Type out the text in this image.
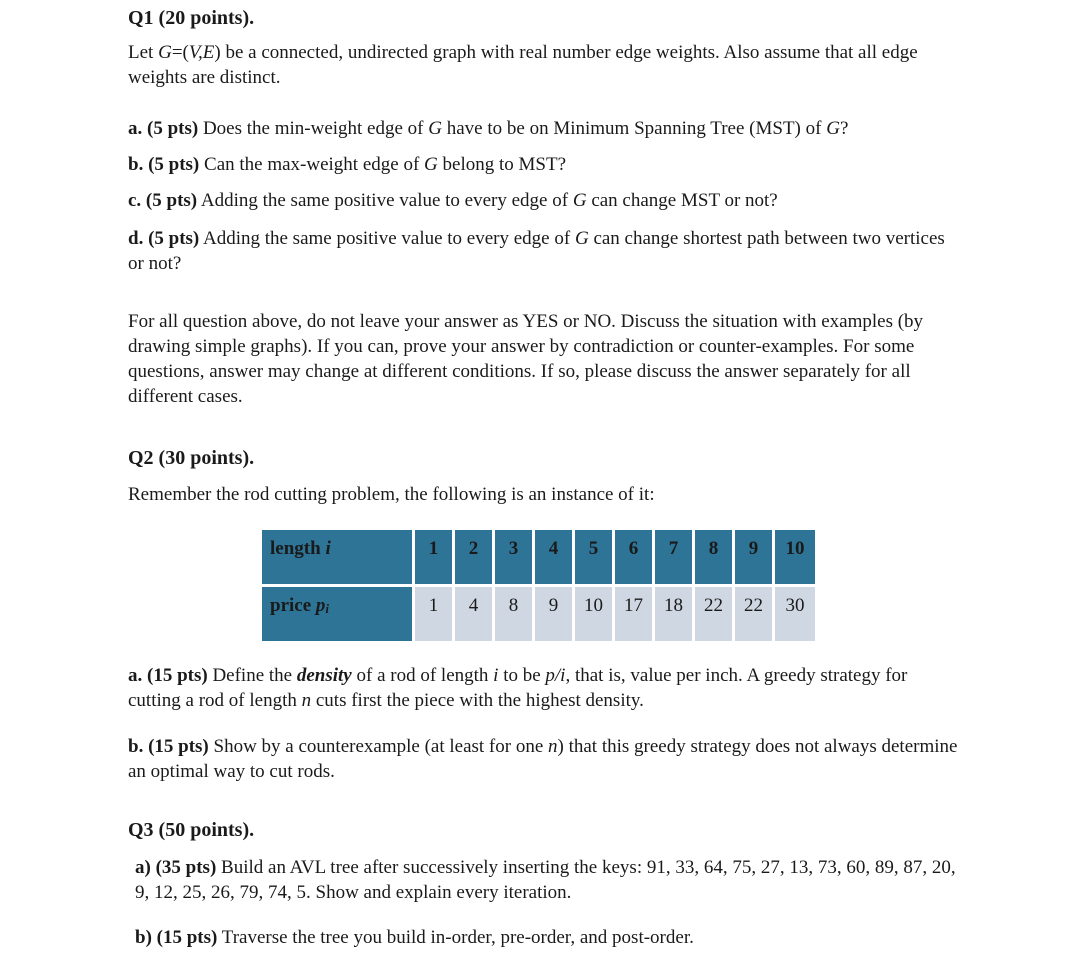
Q1 (20 points).

Let G=(V,E) be a connected, undirected graph with real number edge weights. Also assume that all edge weights are distinct.

a. (5 pts) Does the min-weight edge of G have to be on Minimum Spanning Tree (MST) of G?

b. (5 pts) Can the max-weight edge of G belong to MST?

c. (5 pts) Adding the same positive value to every edge of G can change MST or not?

d. (5 pts) Adding the same positive value to every edge of G can change shortest path between two vertices or not?

For all question above, do not leave your answer as YES or NO. Discuss the situation with examples (by drawing simple graphs). If you can, prove your answer by contradiction or counter-examples. For some questions, answer may change at different conditions. If so, please discuss the answer separately for all different cases.

Q2 (30 points).

Remember the rod cutting problem, the following is an instance of it:

length i	1	2	3	4	5	6	7	8	9	10
price pi	1	4	8	9	10	17	18	22	22	30

a. (15 pts) Define the density of a rod of length i to be p/i, that is, value per inch. A greedy strategy for cutting a rod of length n cuts first the piece with the highest density.

b. (15 pts) Show by a counterexample (at least for one n) that this greedy strategy does not always determine an optimal way to cut rods.

Q3 (50 points).

a) (35 pts) Build an AVL tree after successively inserting the keys: 91, 33, 64, 75, 27, 13, 73, 60, 89, 87, 20, 9, 12, 25, 26, 79, 74, 5. Show and explain every iteration.

b) (15 pts) Traverse the tree you build in-order, pre-order, and post-order.
